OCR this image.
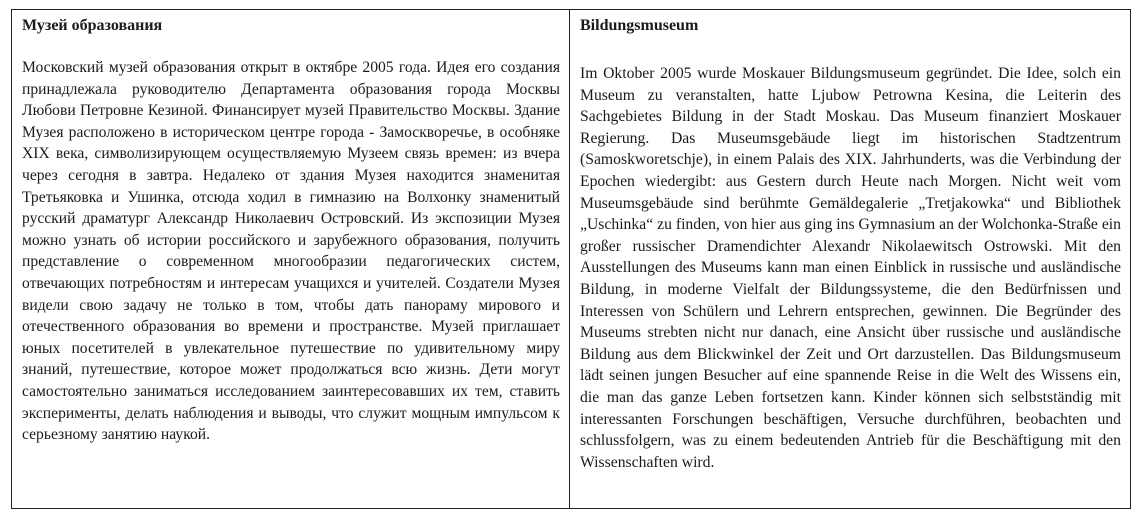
Музей образования

Московский музей образования открыт в октябре 2005 года. Идея его создания принадлежала руководителю Департамента образования города Москвы Любови Петровне Кезиной. Финансирует музей Правительство Москвы. Здание Музея расположено в историческом центре города - Замоскворечье, в особняке XIX века, символизирующем осуществляемую Музеем связь времен: из вчера через сегодня в завтра. Недалеко от здания Музея находится знаменитая Третьяковка и Ушинка, отсюда ходил в гимназию на Волхонку знаменитый русский драматург Александр Николаевич Островский. Из экспозиции Музея можно узнать об истории российского и зарубежного образования, получить представление о современном многообразии педагогических систем, отвечающих потребностям и интересам учащихся и учителей. Создатели Музея видели свою задачу не только в том, чтобы дать панораму мирового и отечественного образования во времени и пространстве. Музей приглашает юных посетителей в увлекательное путешествие по удивительному миру знаний, путешествие, которое может продолжаться всю жизнь. Дети могут самостоятельно заниматься исследованием заинтересовавших их тем, ставить эксперименты, делать наблюдения и выводы, что служит мощным импульсом к серьезному занятию наукой.

Bildungsmuseum

Im Oktober 2005 wurde Moskauer Bildungsmuseum gegründet. Die Idee, solch ein Museum zu veranstalten, hatte Ljubow Petrowna Kesina, die Leiterin des Sachgebietes Bildung in der Stadt Moskau. Das Museum finanziert Moskauer Regierung. Das Museumsgebäude liegt im historischen Stadtzentrum (Samoskworetschje), in einem Palais des XIX. Jahrhunderts, was die Verbindung der Epochen wiedergibt: aus Gestern durch Heute nach Morgen. Nicht weit vom Museumsgebäude sind berühmte Gemäldegalerie „Tretjakowka“ und Bibliothek „Uschinka“ zu finden, von hier aus ging ins Gymnasium an der Wolchonka-Straße ein großer russischer Dramendichter Alexandr Nikolaewitsch Ostrowski. Mit den Ausstellungen des Museums kann man einen Einblick in russische und ausländische Bildung, in moderne Vielfalt der Bildungssysteme, die den Bedürfnissen und Interessen von Schülern und Lehrern entsprechen, gewinnen. Die Begründer des Museums strebten nicht nur danach, eine Ansicht über russische und ausländische Bildung aus dem Blickwinkel der Zeit und Ort darzustellen. Das Bildungsmuseum lädt seinen jungen Besucher auf eine spannende Reise in die Welt des Wissens ein, die man das ganze Leben fortsetzen kann. Kinder können sich selbstständig mit interessanten Forschungen beschäftigen, Versuche durchführen, beobachten und schlussfolgern, was zu einem bedeutenden Antrieb für die Beschäftigung mit den Wissenschaften wird.
